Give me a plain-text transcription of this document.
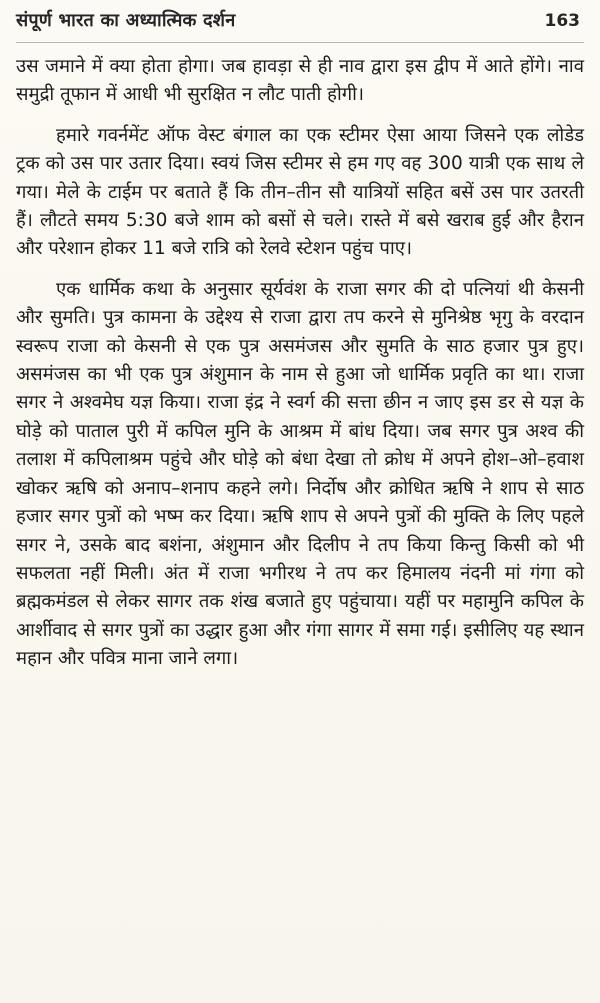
संपूर्ण भारत का अध्यात्मिक दर्शन	163

उस जमाने में क्या होता होगा। जब हावड़ा से ही नाव द्वारा इस द्वीप में आते होंगे। नाव समुद्री तूफान में आधी भी सुरक्षित न लौट पाती होगी।

हमारे गवर्नमेंट ऑफ वेस्ट बंगाल का एक स्टीमर ऐसा आया जिसने एक लोडेड ट्रक को उस पार उतार दिया। स्वयं जिस स्टीमर से हम गए वह 300 यात्री एक साथ ले गया। मेले के टाईम पर बताते हैं कि तीन–तीन सौ यात्रियों सहित बसें उस पार उतरती हैं। लौटते समय 5:30 बजे शाम को बसों से चले। रास्ते में बसे खराब हुई और हैरान और परेशान होकर 11 बजे रात्रि को रेलवे स्टेशन पहुंच पाए।

एक धार्मिक कथा के अनुसार सूर्यवंश के राजा सगर की दो पत्नियां थी केसनी और सुमति। पुत्र कामना के उद्देश्य से राजा द्वारा तप करने से मुनिश्रेष्ठ भृगु के वरदान स्वरूप राजा को केसनी से एक पुत्र असमंजस और सुमति के साठ हजार पुत्र हुए। असमंजस का भी एक पुत्र अंशुमान के नाम से हुआ जो धार्मिक प्रवृति का था। राजा सगर ने अश्वमेघ यज्ञ किया। राजा इंद्र ने स्वर्ग की सत्ता छीन न जाए इस डर से यज्ञ के घोड़े को पाताल पुरी में कपिल मुनि के आश्रम में बांध दिया। जब सगर पुत्र अश्व की तलाश में कपिलाश्रम पहुंचे और घोड़े को बंधा देखा तो क्रोध में अपने होश–ओ–हवाश खोकर ऋषि को अनाप–शनाप कहने लगे। निर्दोष और क्रोधित ऋषि ने शाप से साठ हजार सगर पुत्रों को भष्म कर दिया। ऋषि शाप से अपने पुत्रों की मुक्ति के लिए पहले सगर ने, उसके बाद बशंना, अंशुमान और दिलीप ने तप किया किन्तु किसी को भी सफलता नहीं मिली। अंत में राजा भगीरथ ने तप कर हिमालय नंदनी मां गंगा को ब्रह्मकमंडल से लेकर सागर तक शंख बजाते हुए पहुंचाया। यहीं पर महामुनि कपिल के आर्शीवाद से सगर पुत्रों का उद्धार हुआ और गंगा सागर में समा गई। इसीलिए यह स्थान महान और पवित्र माना जाने लगा।
